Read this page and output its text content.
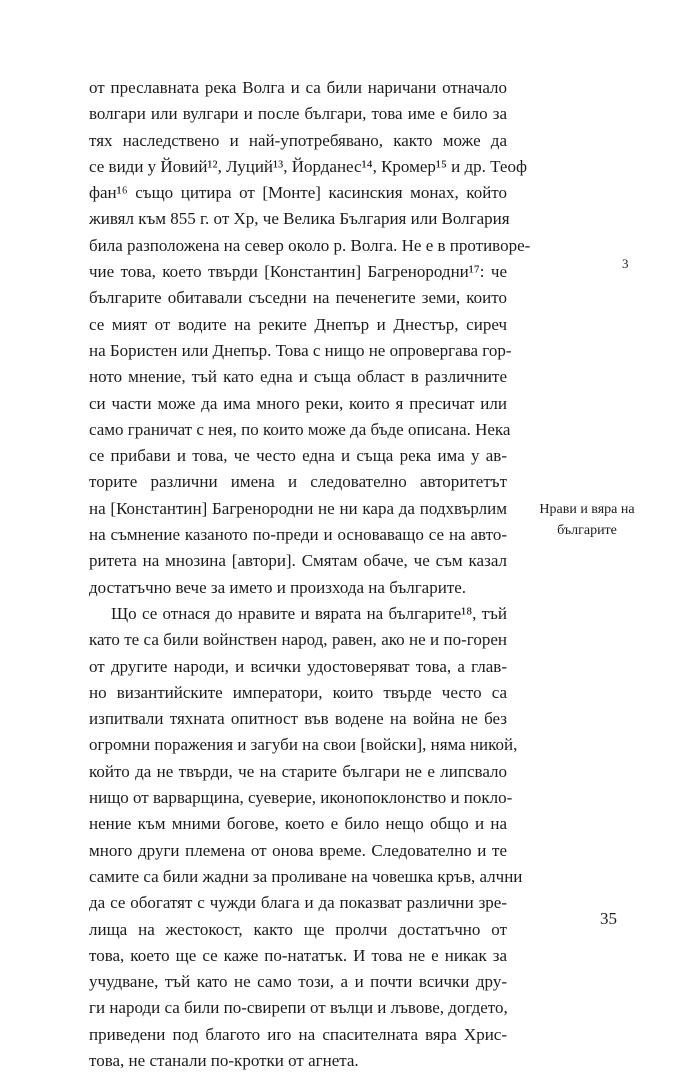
от преславната река Волга и са били наричани отначало
волгари или вулгари и после българи, това име е било за
тях наследствено и най-употребявано, както може да
се види у Йовий¹², Луций¹³, Йорданес¹⁴, Кромер¹⁵ и др. Теоф
фан¹⁶ също цитира от [Монте] касинския монах, който
живял към 855 г. от Хр, че Велика България или Волгария
била разположена на север около р. Волга. Не е в противоре-
чие това, което твърди [Константин] Багренородни¹⁷: че
българите обитавали съседни на печенегите земи, които
се мият от водите на реките Днепър и Днестър, сиреч
на Бористен или Днепър. Това с нищо не опровергава гор-
ното мнение, тъй като една и съща област в различните
си части може да има много реки, които я пресичат или
само граничат с нея, по които може да бъде описана. Нека
се прибави и това, че често една и съща река има у ав-
торите различни имена и следователно авторитетът
на [Константин] Багренородни не ни кара да подхвърлим
на съмнение казаното по-преди и основаващо се на авто-
ритета на мнозина [автори]. Смятам обаче, че съм казал
достатъчно вече за името и произхода на българите.
Що се отнася до нравите и вярата на българите¹⁸, тъй
като те са били войнствен народ, равен, ако не и по-горен
от другите народи, и всички удостоверяват това, а глав-
но византийските императори, които твърде често са
изпитвали тяхната опитност във водене на война не без
огромни поражения и загуби на свои [войски], няма никой,
който да не твърди, че на старите българи не е липсвало
нищо от варварщина, суеверие, иконопоклонство и покло-
нение към мними богове, което е било нещо общо и на
много други племена от онова време. Следователно и те
самите са били жадни за проливане на човешка кръв, алчни
да се обогатят с чужди блага и да показват различни зре-
лища на жестокост, както ще пролчи достатъчно от
това, което ще се каже по-нататък. И това не е никак за
учудване, тъй като не само този, а и почти всички дру-
ги народи са били по-свирепи от вълци и лъвове, догдето,
приведени под благото иго на спасителната вяра Хрис-
това, не станали по-кротки от агнета.
3
Нрави и вяра на българите
35
